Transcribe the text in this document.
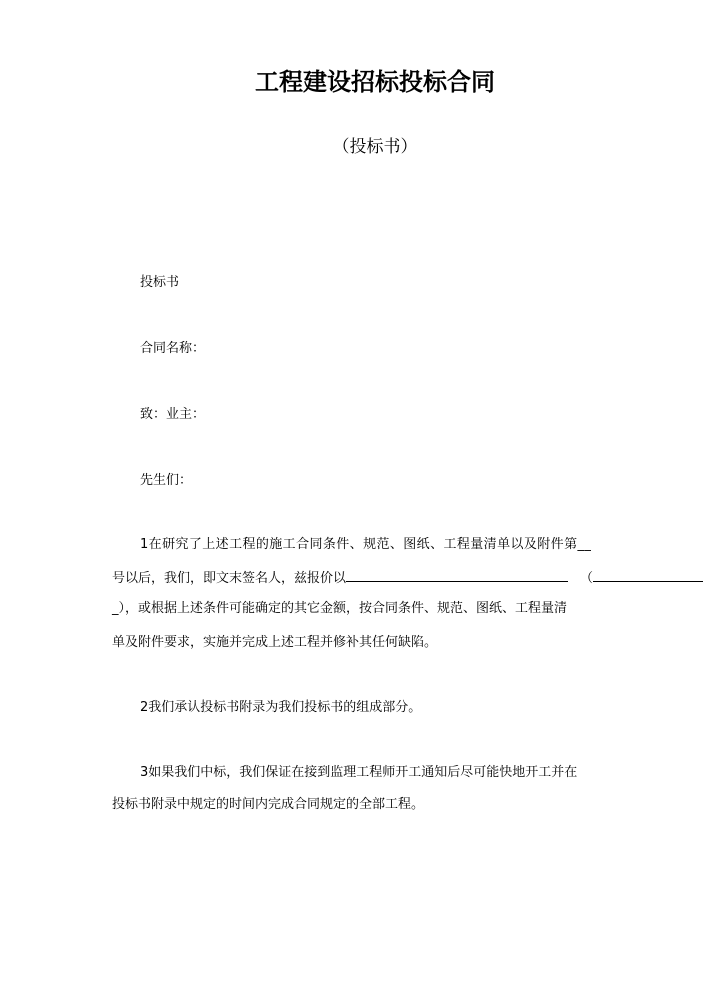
工程建设招标投标合同
（投标书）
投标书
合同名称：
致：业主：
先生们：
1在研究了上述工程的施工合同条件、规范、图纸、工程量清单以及附件第__
号以后，我们，即文末签名人，兹报价以	（
_），或根据上述条件可能确定的其它金额，按合同条件、规范、图纸、工程量清
单及附件要求，实施并完成上述工程并修补其任何缺陷。
2我们承认投标书附录为我们投标书的组成部分。
3如果我们中标，我们保证在接到监理工程师开工通知后尽可能快地开工并在
投标书附录中规定的时间内完成合同规定的全部工程。
